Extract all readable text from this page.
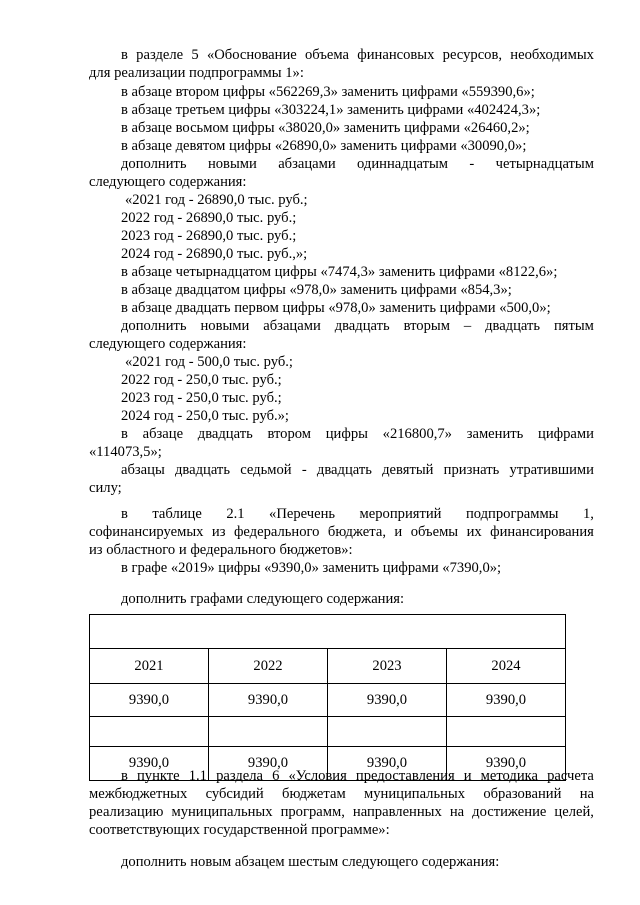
в разделе 5 «Обоснование объема финансовых ресурсов, необходимых
для реализации подпрограммы 1»:
в абзаце втором цифры «562269,3» заменить цифрами «559390,6»;
в абзаце третьем цифры «303224,1» заменить цифрами «402424,3»;
в абзаце восьмом цифры «38020,0» заменить цифрами «26460,2»;
в абзаце девятом цифры «26890,0» заменить цифрами «30090,0»;
дополнить новыми абзацами одиннадцатым - четырнадцатым
следующего содержания:
«2021 год - 26890,0 тыс. руб.;
2022 год - 26890,0 тыс. руб.;
2023 год - 26890,0 тыс. руб.;
2024 год - 26890,0 тыс. руб.,»;
в абзаце четырнадцатом цифры «7474,3» заменить цифрами «8122,6»;
в абзаце двадцатом цифры «978,0» заменить цифрами «854,3»;
в абзаце двадцать первом цифры «978,0» заменить цифрами «500,0»;
дополнить новыми абзацами двадцать вторым – двадцать пятым
следующего содержания:
«2021 год - 500,0 тыс. руб.;
2022 год - 250,0 тыс. руб.;
2023 год - 250,0 тыс. руб.;
2024 год - 250,0 тыс. руб.»;
в абзаце двадцать втором цифры «216800,7» заменить цифрами
«114073,5»;
абзацы двадцать седьмой - двадцать девятый признать утратившими
силу;
в таблице 2.1 «Перечень мероприятий подпрограммы 1,
софинансируемых из федерального бюджета, и объемы их финансирования
из областного и федерального бюджетов»:
в графе «2019» цифры «9390,0» заменить цифрами «7390,0»;
дополнить графами следующего содержания:

2021	2022	2023	2024
9390,0	9390,0	9390,0	9390,0

9390,0	9390,0	9390,0	9390,0
в пункте 1.1 раздела 6 «Условия предоставления и методика расчета
межбюджетных субсидий бюджетам муниципальных образований на
реализацию муниципальных программ, направленных на достижение целей,
соответствующих государственной программе»:
дополнить новым абзацем шестым следующего содержания:
